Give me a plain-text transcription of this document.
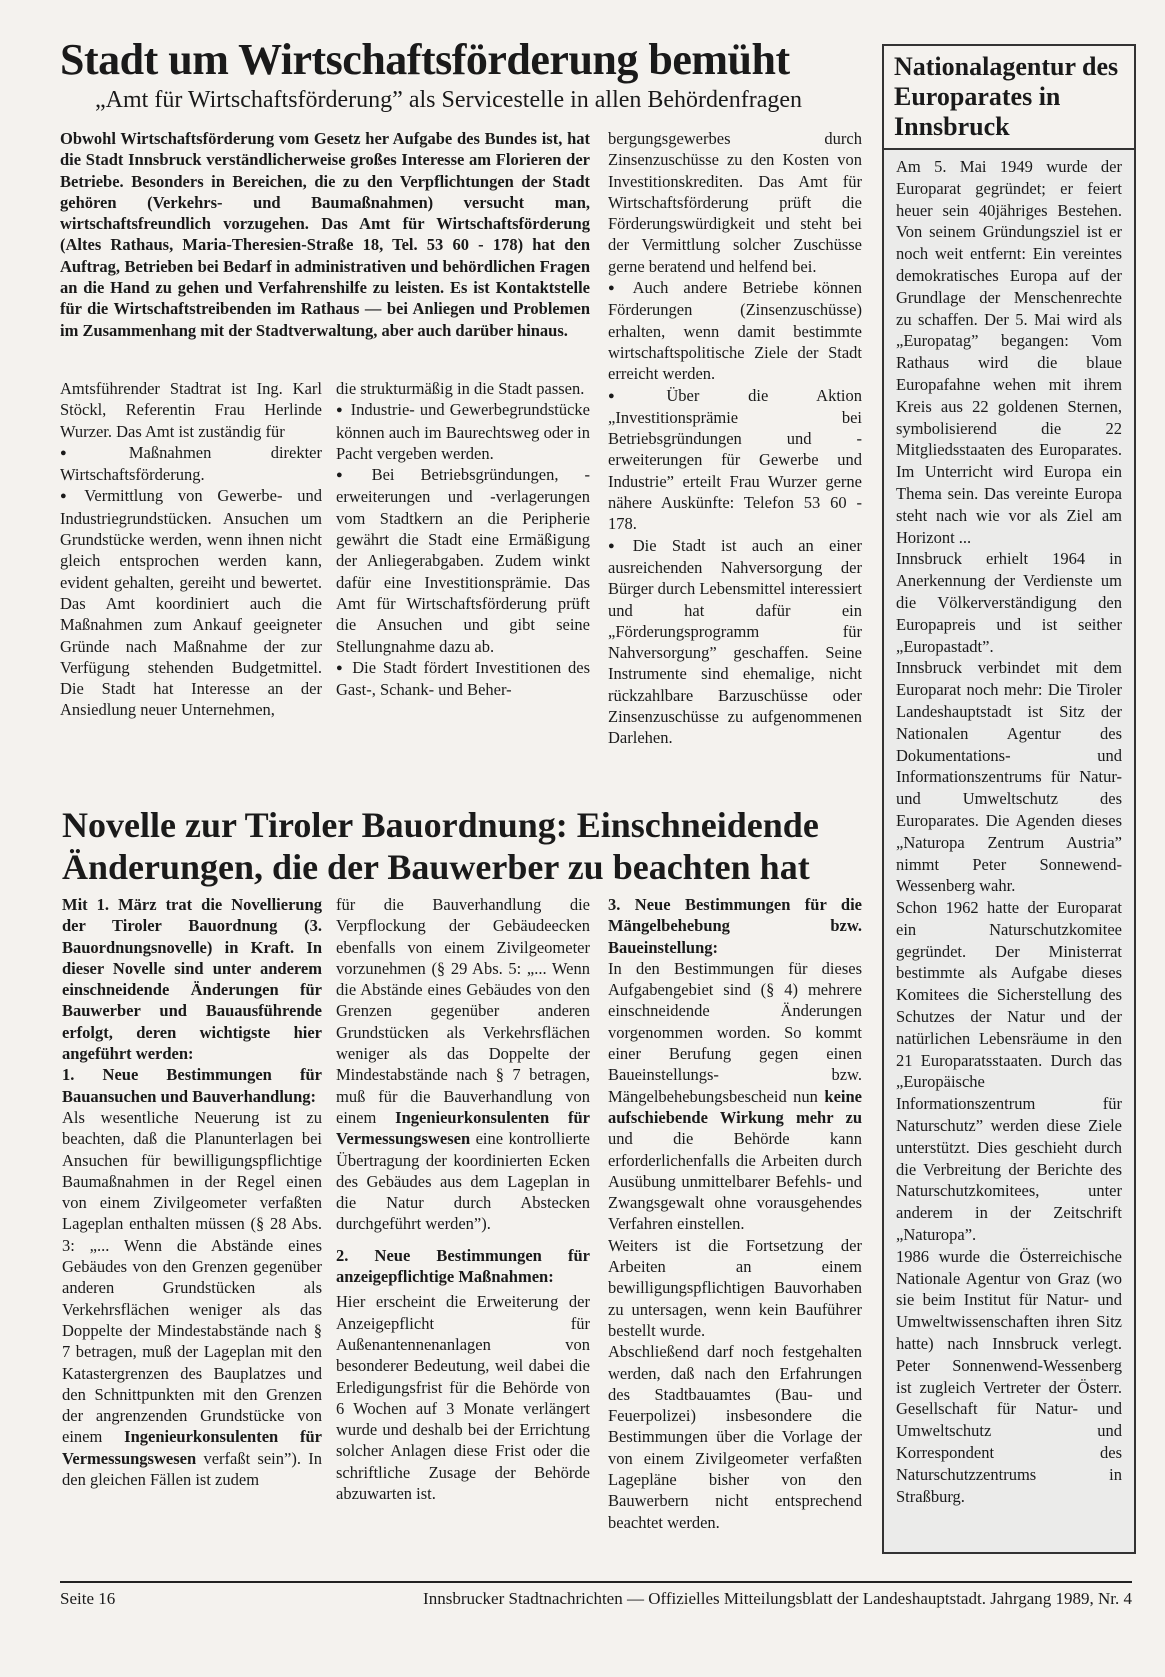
Stadt um Wirtschaftsförderung bemüht
„Amt für Wirtschaftsförderung” als Servicestelle in allen Behördenfragen
Obwohl Wirtschaftsförderung vom Gesetz her Aufgabe des Bundes ist, hat die Stadt Innsbruck verständlicherweise großes Interesse am Florieren der Betriebe. Besonders in Bereichen, die zu den Verpflichtungen der Stadt gehören (Verkehrs- und Baumaßnahmen) versucht man, wirtschaftsfreundlich vorzugehen. Das Amt für Wirtschaftsförderung (Altes Rathaus, Maria-Theresien-Straße 18, Tel. 53 60 - 178) hat den Auftrag, Betrieben bei Bedarf in administrativen und behördlichen Fragen an die Hand zu gehen und Verfahrenshilfe zu leisten. Es ist Kontaktstelle für die Wirtschaftstreibenden im Rathaus — bei Anliegen und Problemen im Zusammenhang mit der Stadtverwaltung, aber auch darüber hinaus.

Amtsführender Stadtrat ist Ing. Karl Stöckl, Referentin Frau Herlinde Wurzer. Das Amt ist zuständig für

● Maßnahmen direkter Wirtschaftsförderung.

● Vermittlung von Gewerbe- und Industriegrundstücken. Ansuchen um Grundstücke werden, wenn ihnen nicht gleich entsprochen werden kann, evident gehalten, gereiht und bewertet. Das Amt koordiniert auch die Maßnahmen zum Ankauf geeigneter Gründe nach Maßnahme der zur Verfügung stehenden Budgetmittel. Die Stadt hat Interesse an der Ansiedlung neuer Unternehmen,

die strukturmäßig in die Stadt passen.

● Industrie- und Gewerbegrundstücke können auch im Baurechtsweg oder in Pacht vergeben werden.

● Bei Betriebsgründungen, -erweiterungen und -verlagerungen vom Stadtkern an die Peripherie gewährt die Stadt eine Ermäßigung der Anliegerabgaben. Zudem winkt dafür eine Investitionsprämie. Das Amt für Wirtschaftsförderung prüft die Ansuchen und gibt seine Stellungnahme dazu ab.

● Die Stadt fördert Investitionen des Gast-, Schank- und Beher-

bergungsgewerbes durch Zinsenzuschüsse zu den Kosten von Investitionskrediten. Das Amt für Wirtschaftsförderung prüft die Förderungswürdigkeit und steht bei der Vermittlung solcher Zuschüsse gerne beratend und helfend bei.

● Auch andere Betriebe können Förderungen (Zinsenzuschüsse) erhalten, wenn damit bestimmte wirtschaftspolitische Ziele der Stadt erreicht werden.

● Über die Aktion „Investitionsprämie bei Betriebsgründungen und -erweiterungen für Gewerbe und Industrie” erteilt Frau Wurzer gerne nähere Auskünfte: Telefon 53 60 - 178.

● Die Stadt ist auch an einer ausreichenden Nahversorgung der Bürger durch Lebensmittel interessiert und hat dafür ein „Förderungsprogramm für Nahversorgung” geschaffen. Seine Instrumente sind ehemalige, nicht rückzahlbare Barzuschüsse oder Zinsenzuschüsse zu aufgenommenen Darlehen.

Novelle zur Tiroler Bauordnung: Einschneidende
Änderungen, die der Bauwerber zu beachten hat

Mit 1. März trat die Novellierung der Tiroler Bauordnung (3. Bauordnungsnovelle) in Kraft. In dieser Novelle sind unter anderem einschneidende Änderungen für Bauwerber und Bauausführende erfolgt, deren wichtigste hier angeführt werden:

1. Neue Bestimmungen für Bauansuchen und Bauverhandlung:

Als wesentliche Neuerung ist zu beachten, daß die Planunterlagen bei Ansuchen für bewilligungspflichtige Baumaßnahmen in der Regel einen von einem Zivilgeometer verfaßten Lageplan enthalten müssen (§ 28 Abs. 3: „... Wenn die Abstände eines Gebäudes von den Grenzen gegenüber anderen Grundstücken als Verkehrsflächen weniger als das Doppelte der Mindestabstände nach § 7 betragen, muß der Lageplan mit den Katastergrenzen des Bauplatzes und den Schnittpunkten mit den Grenzen der angrenzenden Grundstücke von einem Ingenieurkonsulenten für Vermessungswesen verfaßt sein”). In den gleichen Fällen ist zudem

für die Bauverhandlung die Verpflockung der Gebäudeecken ebenfalls von einem Zivilgeometer vorzunehmen (§ 29 Abs. 5: „... Wenn die Abstände eines Gebäudes von den Grenzen gegenüber anderen Grundstücken als Verkehrsflächen weniger als das Doppelte der Mindestabstände nach § 7 betragen, muß für die Bauverhandlung von einem Ingenieurkonsulenten für Vermessungswesen eine kontrollierte Übertragung der koordinierten Ecken des Gebäudes aus dem Lageplan in die Natur durch Abstecken durchgeführt werden”).

2. Neue Bestimmungen für anzeigepflichtige Maßnahmen:

Hier erscheint die Erweiterung der Anzeigepflicht für Außenantennenanlagen von besonderer Bedeutung, weil dabei die Erledigungsfrist für die Behörde von 6 Wochen auf 3 Monate verlängert wurde und deshalb bei der Errichtung solcher Anlagen diese Frist oder die schriftliche Zusage der Behörde abzuwarten ist.

3. Neue Bestimmungen für die Mängelbehebung bzw. Baueinstellung:

In den Bestimmungen für dieses Aufgabengebiet sind (§ 4) mehrere einschneidende Änderungen vorgenommen worden. So kommt einer Berufung gegen einen Baueinstellungs- bzw. Mängelbehebungsbescheid nun keine aufschiebende Wirkung mehr zu und die Behörde kann erforderlichenfalls die Arbeiten durch Ausübung unmittelbarer Befehls- und Zwangsgewalt ohne vorausgehendes Verfahren einstellen.

Weiters ist die Fortsetzung der Arbeiten an einem bewilligungspflichtigen Bauvorhaben zu untersagen, wenn kein Bauführer bestellt wurde.

Abschließend darf noch festgehalten werden, daß nach den Erfahrungen des Stadtbauamtes (Bau- und Feuerpolizei) insbesondere die Bestimmungen über die Vorlage der von einem Zivilgeometer verfaßten Lagepläne bisher von den Bauwerbern nicht entsprechend beachtet werden.

Nationalagentur des Europarates in Innsbruck

Am 5. Mai 1949 wurde der Europarat gegründet; er feiert heuer sein 40jähriges Bestehen. Von seinem Gründungsziel ist er noch weit entfernt: Ein vereintes demokratisches Europa auf der Grundlage der Menschenrechte zu schaffen. Der 5. Mai wird als „Europatag” begangen: Vom Rathaus wird die blaue Europafahne wehen mit ihrem Kreis aus 22 goldenen Sternen, symbolisierend die 22 Mitgliedsstaaten des Europarates. Im Unterricht wird Europa ein Thema sein. Das vereinte Europa steht nach wie vor als Ziel am Horizont ...

Innsbruck erhielt 1964 in Anerkennung der Verdienste um die Völkerverständigung den Europapreis und ist seither „Europastadt”.

Innsbruck verbindet mit dem Europarat noch mehr: Die Tiroler Landeshauptstadt ist Sitz der Nationalen Agentur des Dokumentations- und Informationszentrums für Natur- und Umweltschutz des Europarates. Die Agenden dieses „Naturopa Zentrum Austria” nimmt Peter Sonnewend-Wessenberg wahr.

Schon 1962 hatte der Europarat ein Naturschutzkomitee gegründet. Der Ministerrat bestimmte als Aufgabe dieses Komitees die Sicherstellung des Schutzes der Natur und der natürlichen Lebensräume in den 21 Europaratsstaaten. Durch das „Europäische Informationszentrum für Naturschutz” werden diese Ziele unterstützt. Dies geschieht durch die Verbreitung der Berichte des Naturschutzkomitees, unter anderem in der Zeitschrift „Naturopa”.

1986 wurde die Österreichische Nationale Agentur von Graz (wo sie beim Institut für Natur- und Umweltwissenschaften ihren Sitz hatte) nach Innsbruck verlegt. Peter Sonnenwend-Wessenberg ist zugleich Vertreter der Österr. Gesellschaft für Natur- und Umweltschutz und Korrespondent des Naturschutzzentrums in Straßburg.

Seite 16	Innsbrucker Stadtnachrichten — Offizielles Mitteilungsblatt der Landeshauptstadt. Jahrgang 1989, Nr. 4
